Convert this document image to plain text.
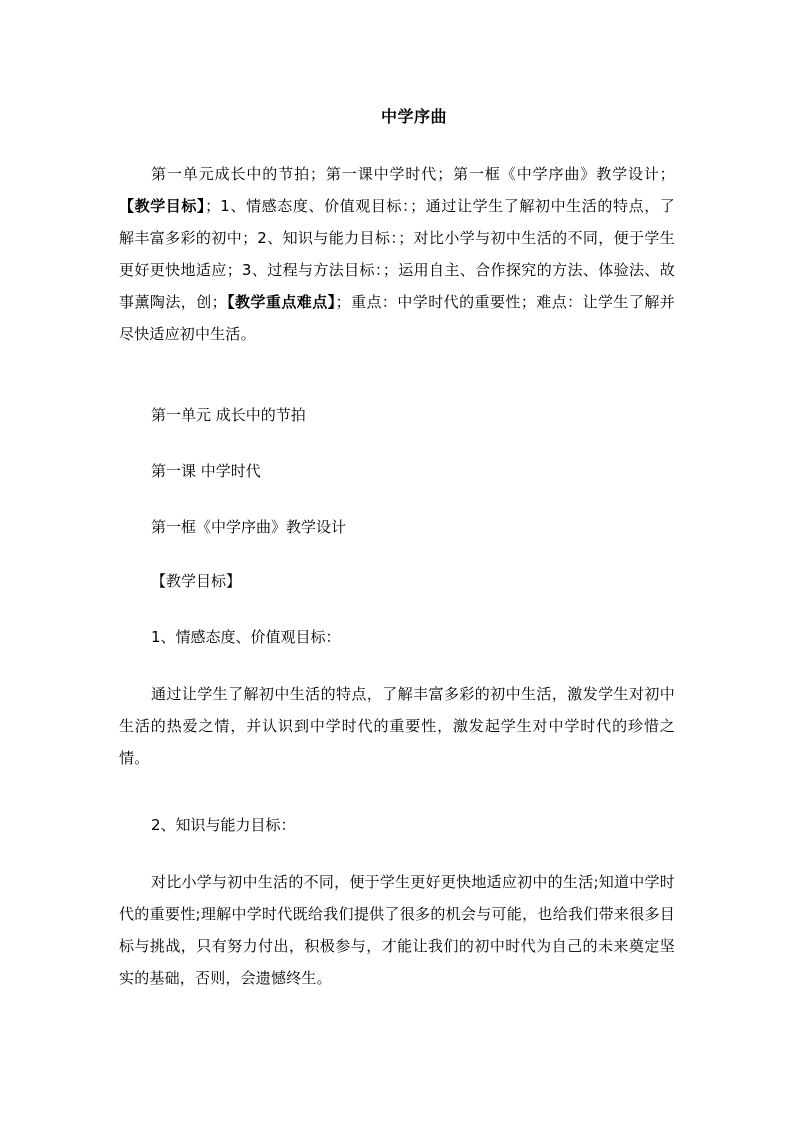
中学序曲

第一单元成长中的节拍；第一课中学时代；第一框《中学序曲》教学设计；【教学目标】；1、情感态度、价值观目标：；通过让学生了解初中生活的特点，了解丰富多彩的初中；2、知识与能力目标：；对比小学与初中生活的不同，便于学生更好更快地适应；3、过程与方法目标：；运用自主、合作探究的方法、体验法、故事薰陶法，创；【教学重点难点】；重点：中学时代的重要性；难点：让学生了解并尽快适应初中生活。

第一单元 成长中的节拍

第一课 中学时代

第一框《中学序曲》教学设计

【教学目标】

1、情感态度、价值观目标：

通过让学生了解初中生活的特点，了解丰富多彩的初中生活，激发学生对初中生活的热爱之情，并认识到中学时代的重要性，激发起学生对中学时代的珍惜之情。

2、知识与能力目标：

对比小学与初中生活的不同，便于学生更好更快地适应初中的生活;知道中学时代的重要性;理解中学时代既给我们提供了很多的机会与可能，也给我们带来很多目标与挑战，只有努力付出，积极参与，才能让我们的初中时代为自己的未来奠定坚实的基础，否则，会遗憾终生。
